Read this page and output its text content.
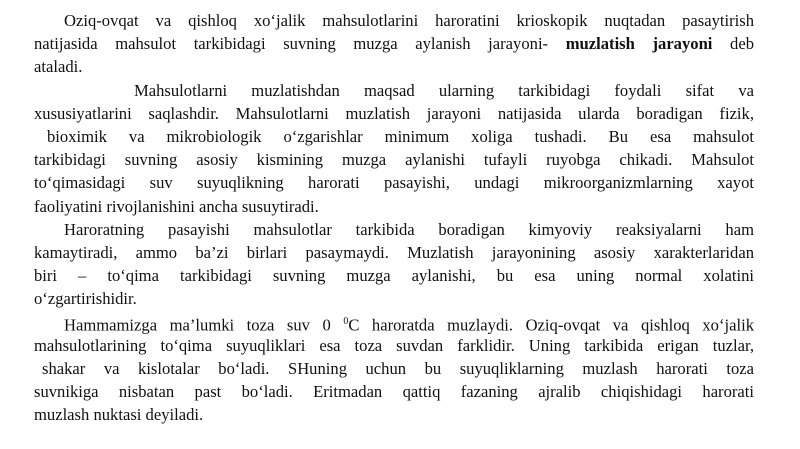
Oziq-ovqat va qishloq xo‘jalik mahsulotlarini haroratini krioskopik nuqtadan pasaytirish
natijasida mahsulot tarkibidagi suvning muzga aylanish jarayoni- muzlatish jarayoni deb
ataladi.
Mahsulotlarni muzlatishdan maqsad ularning tarkibidagi foydali sifat va
xususiyatlarini saqlashdir. Mahsulotlarni muzlatish jarayoni natijasida ularda boradigan fizik,
bioximik va mikrobiologik o‘zgarishlar minimum xoliga tushadi. Bu esa mahsulot
tarkibidagi suvning asosiy kismining muzga aylanishi tufayli ruyobga chikadi. Mahsulot
to‘qimasidagi suv suyuqlikning harorati pasayishi, undagi mikroorganizmlarning xayot
faoliyatini rivojlanishini ancha susuytiradi.
Haroratning pasayishi mahsulotlar tarkibida boradigan kimyoviy reaksiyalarni ham
kamaytiradi, ammo ba’zi birlari pasaymaydi. Muzlatish jarayonining asosiy xarakterlaridan
biri – to‘qima tarkibidagi suvning muzga aylanishi, bu esa uning normal xolatini
o‘zgartirishidir.
Hammamizga ma’lumki toza suv 0 $^0$C haroratda muzlaydi. Oziq-ovqat va qishloq xo‘jalik
mahsulotlarining to‘qima suyuqliklari esa toza suvdan farklidir. Uning tarkibida erigan tuzlar,
shakar va kislotalar bo‘ladi. SHuning uchun bu suyuqliklarning muzlash harorati toza
suvnikiga nisbatan past bo‘ladi. Eritmadan qattiq fazaning ajralib chiqishidagi harorati
muzlash nuktasi deyiladi.
